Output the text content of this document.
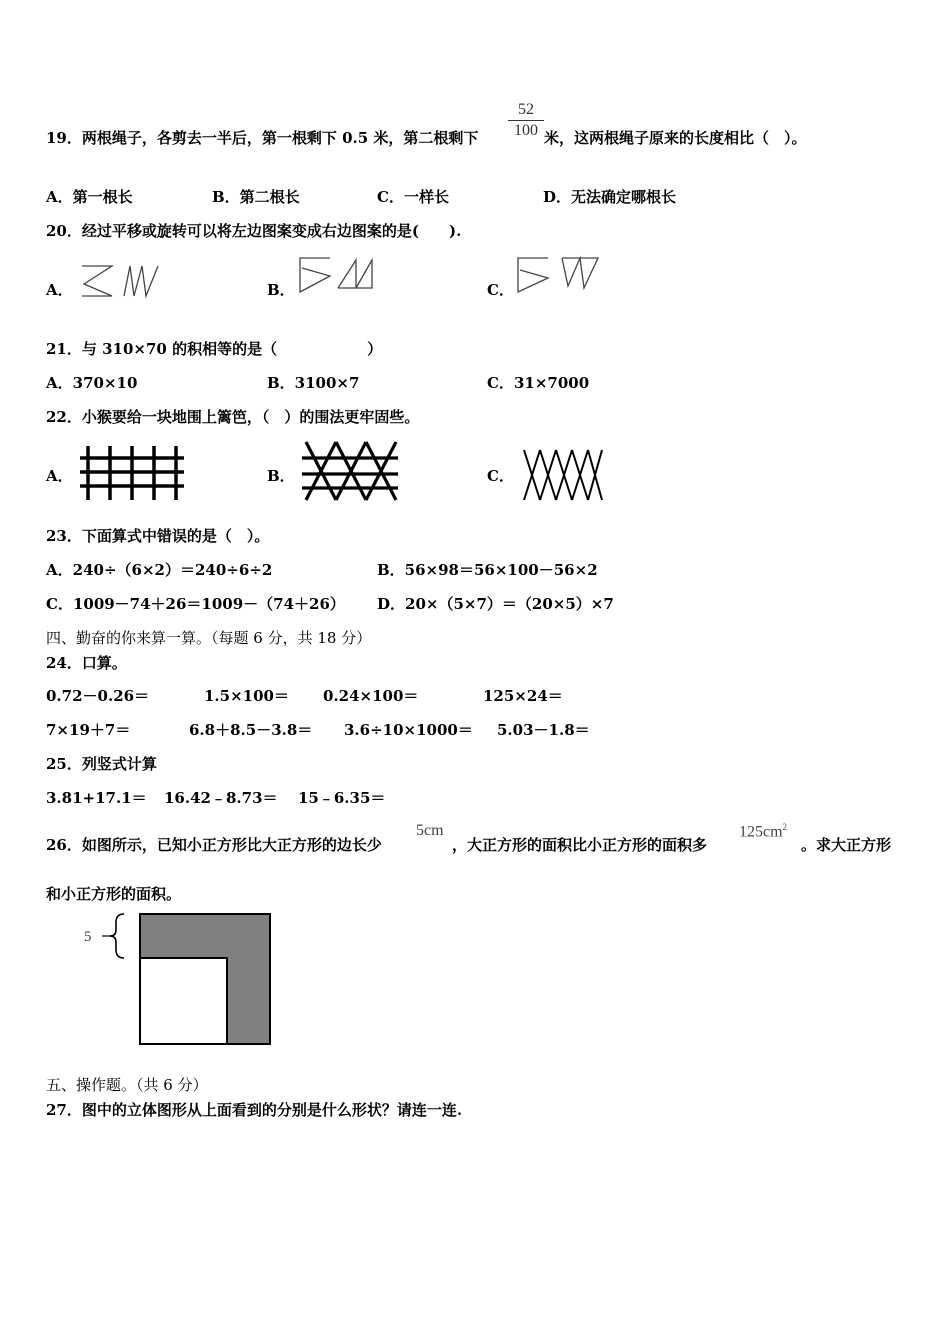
19．两根绳子，各剪去一半后，第一根剩下 0.5 米，第二根剩下
52
100 米，这两根绳子原来的长度相比（　）。
A．第一根长	B．第二根长	C．一样长	D．无法确定哪根长
20．经过平移或旋转可以将左边图案变成右边图案的是(　　).
A．	B．	C．
21．与 310×70 的积相等的是（　　　　　　）
A．370×10	B．3100×7	C．31×7000
22．小猴要给一块地围上篱笆，（　）的围法更牢固些。
A．	B．	C．
23．下面算式中错误的是（　）。
A．240÷（6×2）＝240÷6÷2	B．56×98＝56×100－56×2
C．1009－74＋26＝1009－（74＋26） D．20×（5×7）＝（20×5）×7
四、勤奋的你来算一算。（每题 6 分，共 18 分）
24．口算。
0.72－0.26＝	1.5×100＝ 0.24×100＝	125×24＝
7×19＋7＝	6.8＋8.5－3.8＝ 3.6÷10×1000＝ 5.03－1.8＝
25．列竖式计算
3.81+17.1＝ 16.42﹣8.73＝ 15﹣6.35＝
26．如图所示，已知小正方形比大正方形的边长少
5cm
，大正方形的面积比小正方形的面积多
$125cm^2$
。求大正方形
和小正方形的面积。
5
五、操作题。（共 6 分）
27．图中的立体图形从上面看到的分别是什么形状？请连一连.
